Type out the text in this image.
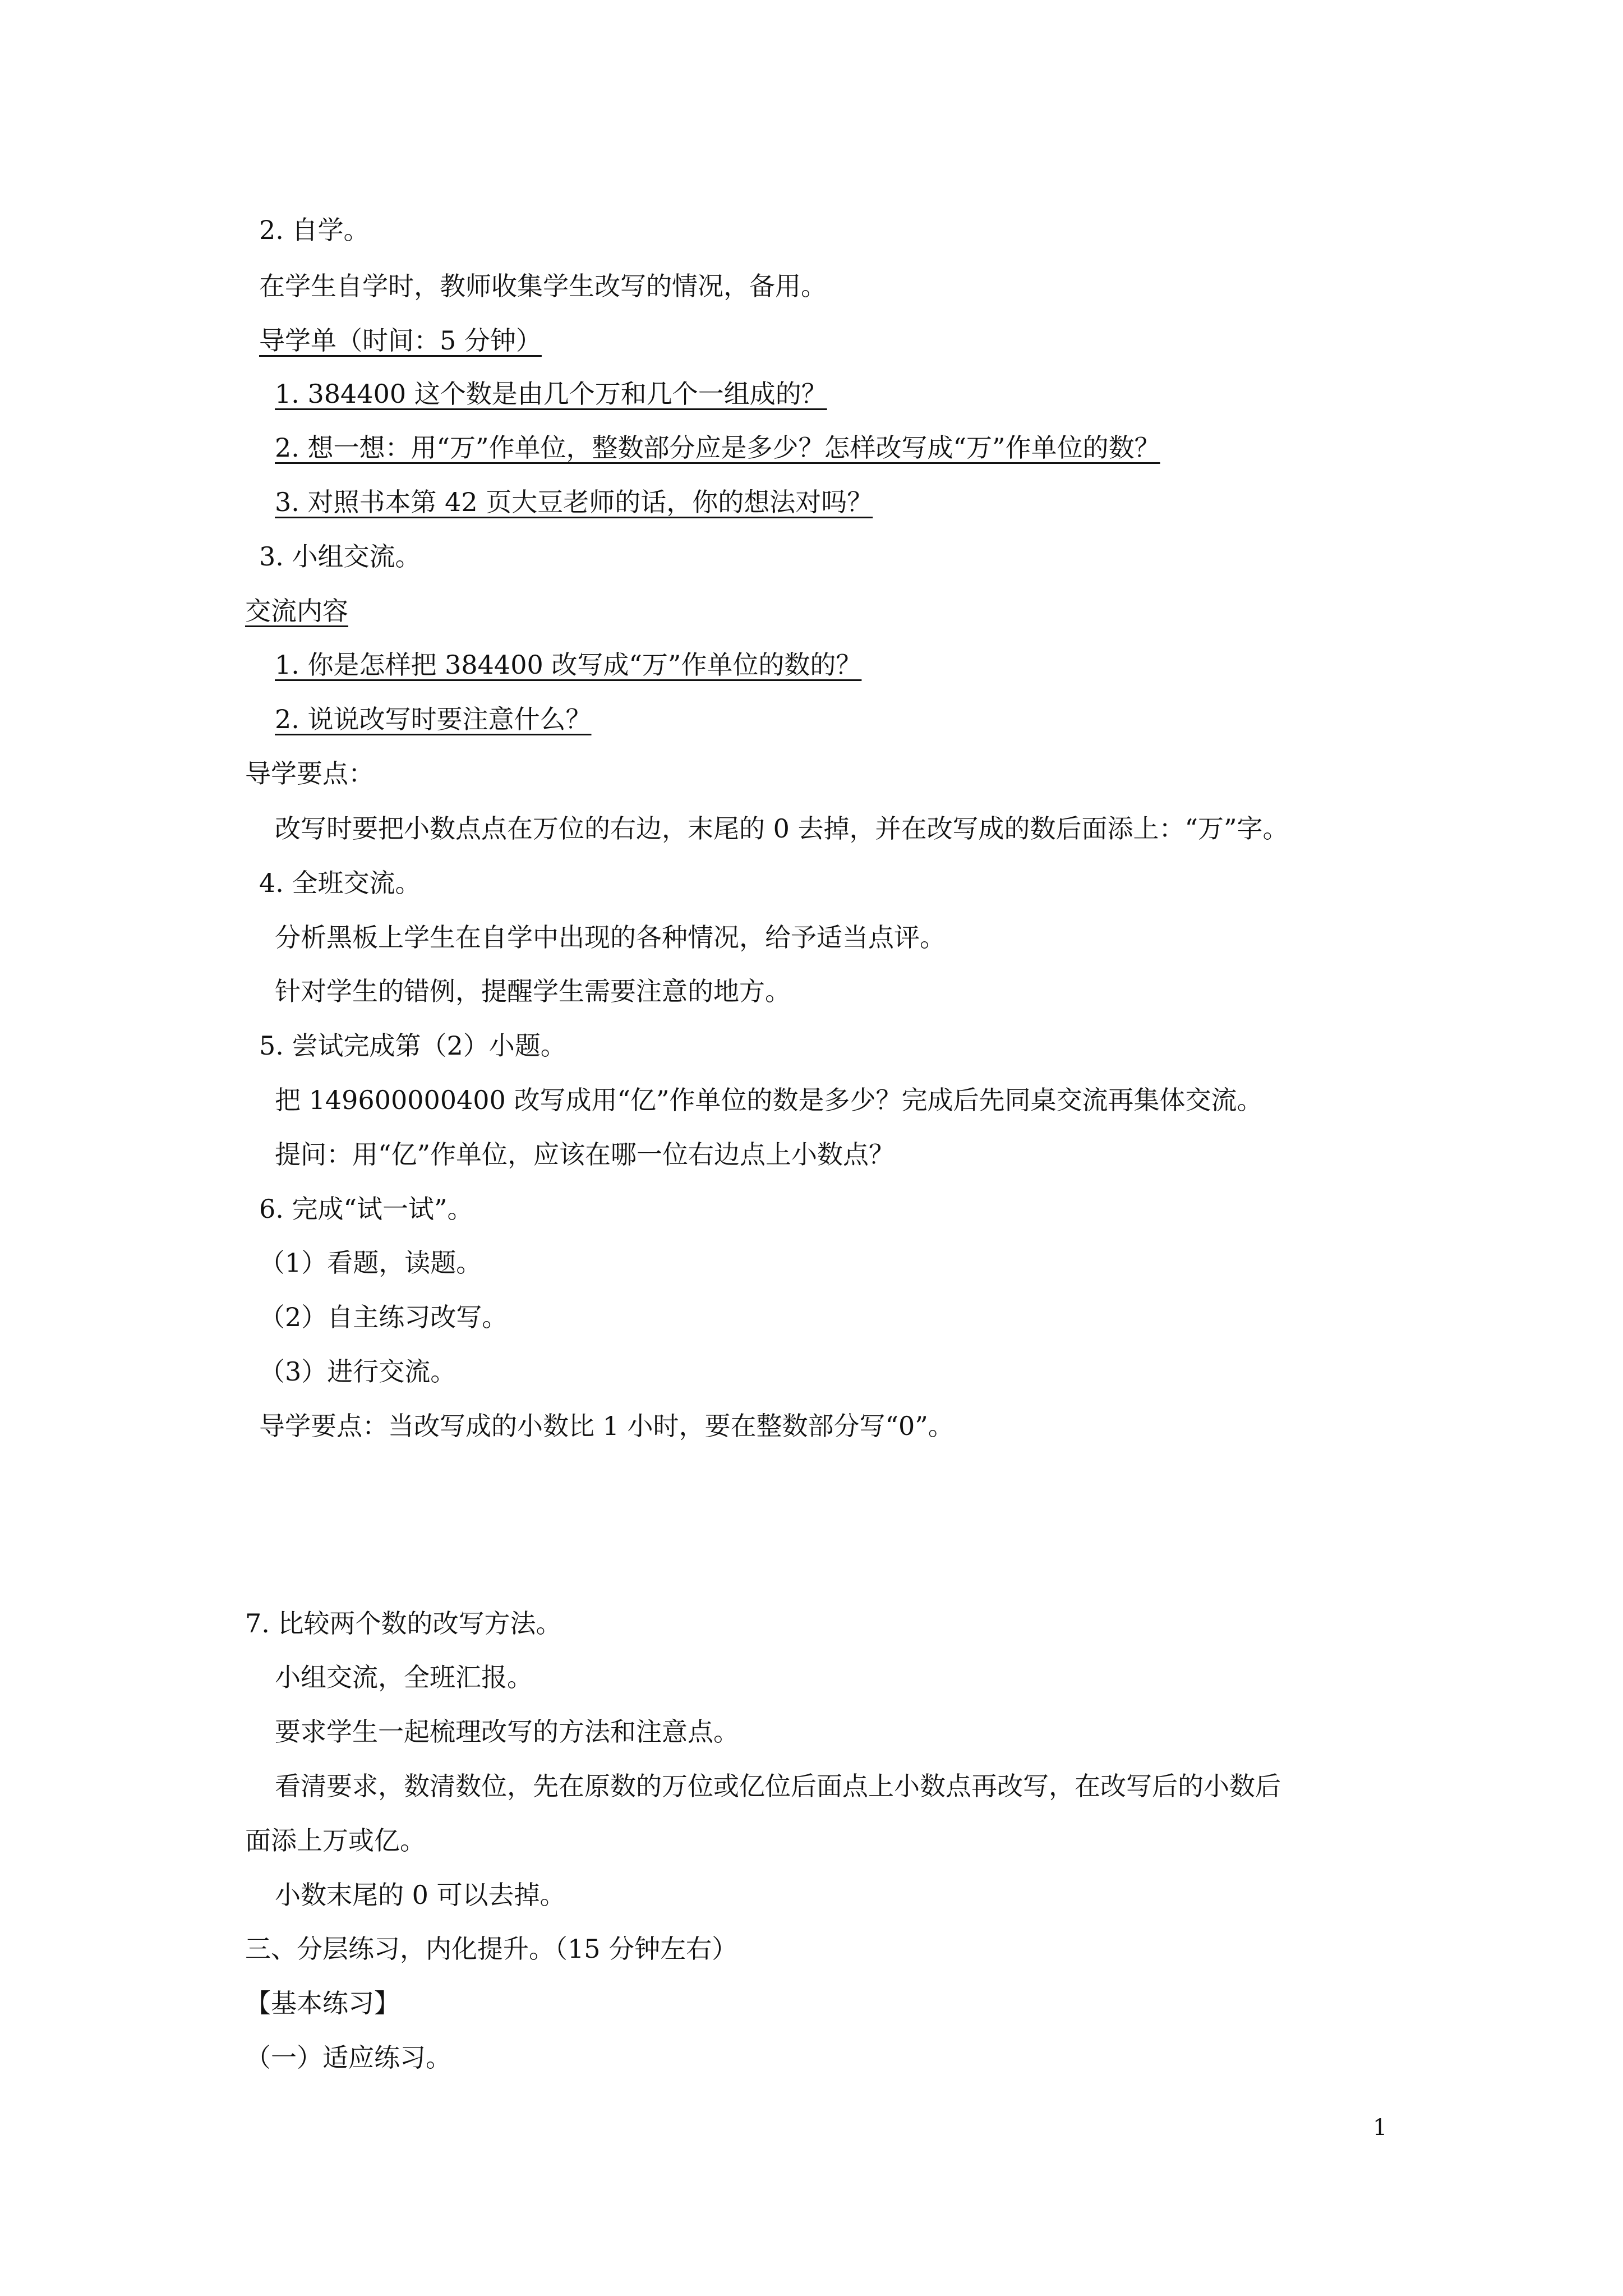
2. 自学。
在学生自学时，教师收集学生改写的情况，备用。
导学单（时间：5 分钟）
1. 384400 这个数是由几个万和几个一组成的？
2. 想一想：用“万”作单位，整数部分应是多少？怎样改写成“万”作单位的数？
3. 对照书本第 42 页大豆老师的话，你的想法对吗？
3. 小组交流。
交流内容
1. 你是怎样把 384400 改写成“万”作单位的数的？
2. 说说改写时要注意什么？
导学要点：
改写时要把小数点点在万位的右边，末尾的 0 去掉，并在改写成的数后面添上：“万”字。
4. 全班交流。
分析黑板上学生在自学中出现的各种情况，给予适当点评。
针对学生的错例，提醒学生需要注意的地方。
5. 尝试完成第（2）小题。
把 149600000400 改写成用“亿”作单位的数是多少？完成后先同桌交流再集体交流。
提问：用“亿”作单位，应该在哪一位右边点上小数点？
6. 完成“试一试”。
（1）看题，读题。
（2）自主练习改写。
（3）进行交流。
导学要点：当改写成的小数比 1 小时，要在整数部分写“0”。
7. 比较两个数的改写方法。
小组交流，全班汇报。
要求学生一起梳理改写的方法和注意点。
看清要求，数清数位，先在原数的万位或亿位后面点上小数点再改写，在改写后的小数后
面添上万或亿。
小数末尾的 0 可以去掉。
三、分层练习，内化提升。（15 分钟左右）
【基本练习】
（一）适应练习。
1
